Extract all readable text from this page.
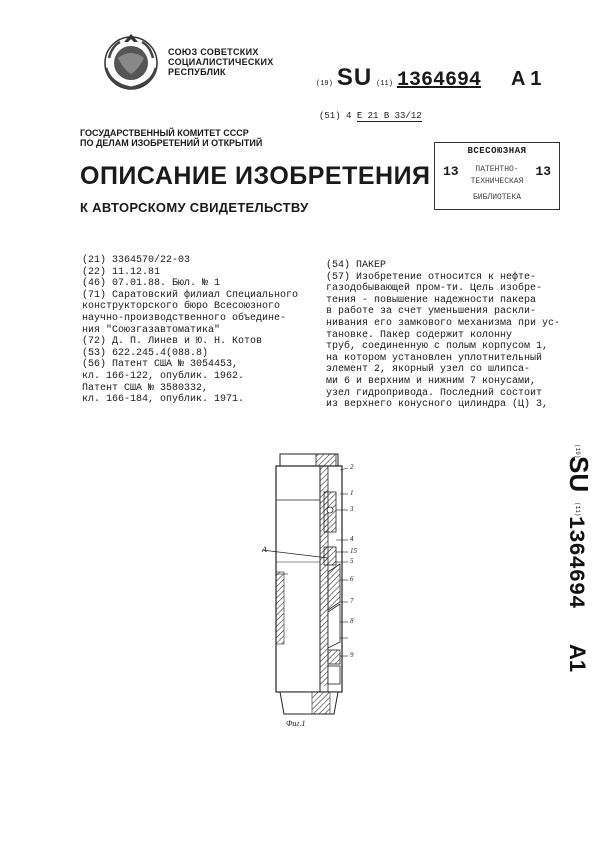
СОЮЗ СОВЕТСКИХ
СОЦИАЛИСТИЧЕСКИХ
РЕСПУБЛИК
(19) SU (11) 1364694 A 1
(51) 4 E 21 B 33/12
ГОСУДАРСТВЕННЫЙ КОМИТЕТ СССР
ПО ДЕЛАМ ИЗОБРЕТЕНИЙ И ОТКРЫТИЙ
ВСЕСОЮЗНАЯ
13	13
ПАТЕНТНО-
ТЕХНИЧЕСКАЯ
БИБЛИОТЕКА
ОПИСАНИЕ ИЗОБРЕТЕНИЯ
К АВТОРСКОМУ СВИДЕТЕЛЬСТВУ
(21) 3364570/22-03
(22) 11.12.81
(46) 07.01.88. Бюл. № 1
(71) Саратовский филиал Специального
конструкторского бюро Всесоюзного
научно-производственного объедине-
ния "Союзгазавтоматика"
(72) Д. П. Линев и Ю. Н. Котов
(53) 622.245.4(088.8)
(56) Патент США № 3054453,
кл. 166-122, опублик. 1962.
Патент США № 3580332,
кл. 166-184, опублик. 1971.
(54) ПАКЕР
(57) Изобретение относится к нефте-
газодобывающей пром-ти. Цель изобре-
тения - повышение надежности пакера
в работе за счет уменьшения раскли-
нивания его замкового механизма при ус-
тановке. Пакер содержит колонну
труб, соединенную с полым корпусом 1,
на котором установлен уплотнительный
элемент 2, якорный узел со шлипса-
ми 6 и верхним и нижним 7 конусами,
узел гидропривода. Последний состоит
из верхнего конусного цилиндра (Ц) 3,
(19)
SU
(11)
1364694
A1
A
2
1
3
4
15
5
6
7
8
9
Фиг.1
